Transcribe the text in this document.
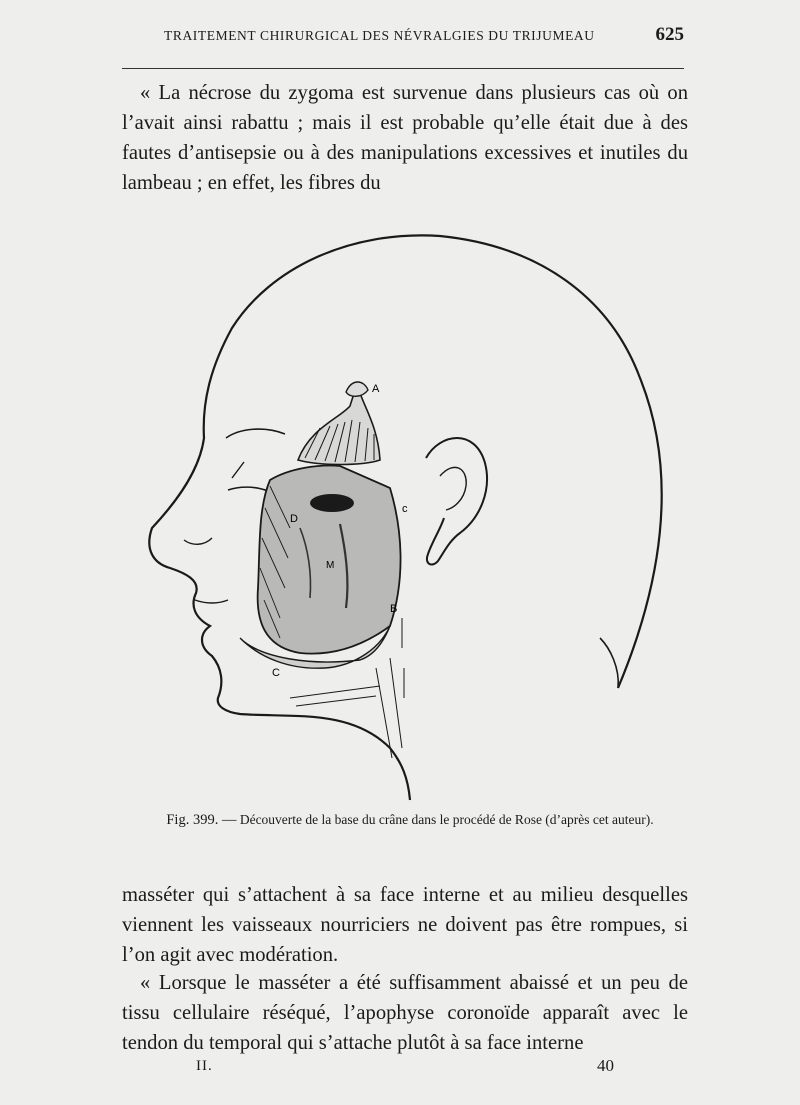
TRAITEMENT CHIRURGICAL DES NÉVRALGIES DU TRIJUMEAU	625

« La nécrose du zygoma est survenue dans plusieurs cas où on l’avait ainsi rabattu ; mais il est probable qu’elle était due à des fautes d’antisepsie ou à des manipulations excessives et inutiles du lambeau ; en effet, les fibres du

A
B
C
c
D
M
Fig. 399. — Découverte de la base du crâne dans le procédé de Rose (d’après cet auteur).

masséter qui s’attachent à sa face interne et au milieu desquelles viennent les vaisseaux nourriciers ne doivent pas être rompues, si l’on agit avec modération.

« Lorsque le masséter a été suffisamment abaissé et un peu de tissu cellulaire réséqué, l’apophyse coronoïde apparaît avec le tendon du temporal qui s’attache plutôt à sa face interne

II.	40
